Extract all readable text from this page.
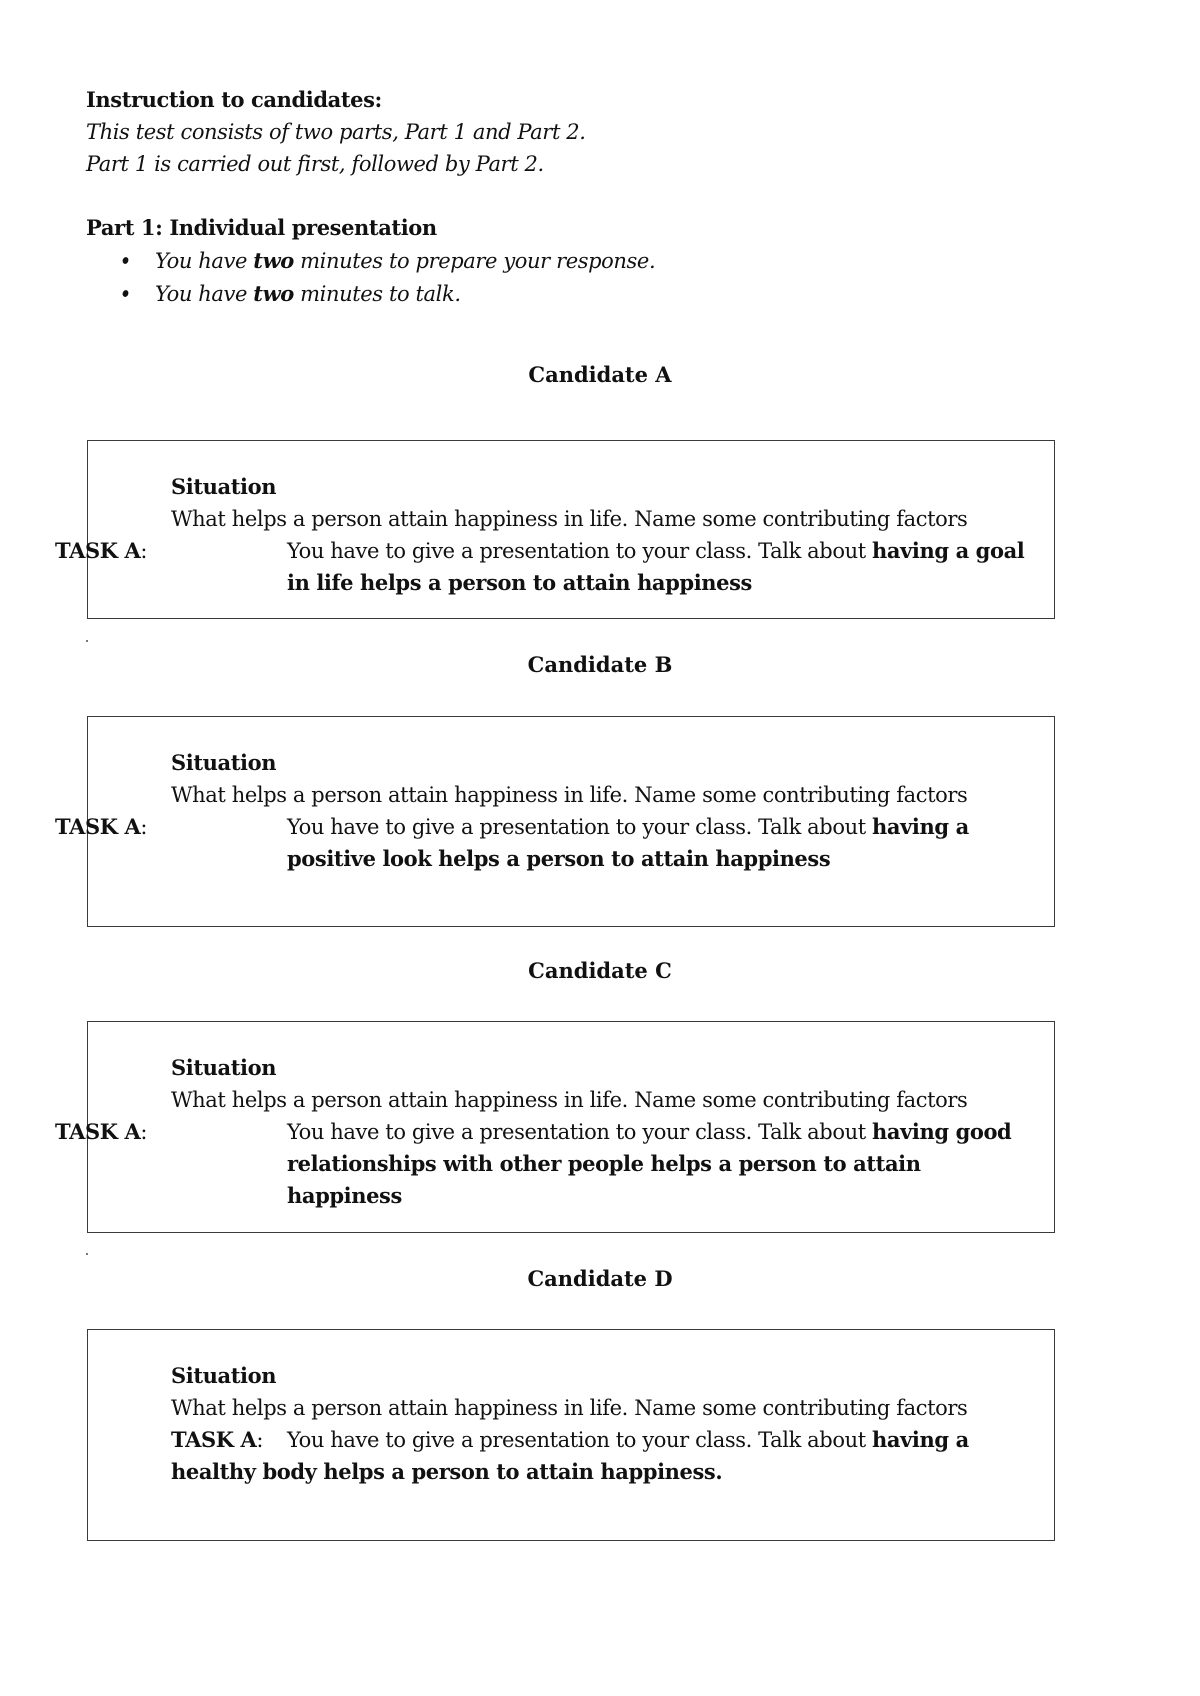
Instruction to candidates:
This test consists of two parts, Part 1 and Part 2.
Part 1 is carried out first, followed by Part 2.
Part 1: Individual presentation
You have two minutes to prepare your response.
You have two minutes to talk.
Candidate A
Situation
What helps a person attain happiness in life. Name some contributing factors
TASK A:	You have to give a presentation to your class. Talk about having a goal in life helps a person to attain happiness
Candidate B
Situation
What helps a person attain happiness in life. Name some contributing factors
TASK A:	You have to give a presentation to your class. Talk about having a positive look helps a person to attain happiness
Candidate C
Situation
What helps a person attain happiness in life. Name some contributing factors
TASK A:	You have to give a presentation to your class. Talk about having good relationships with other people helps a person to attain happiness
Candidate D
Situation
What helps a person attain happiness in life. Name some contributing factors
TASK A: You have to give a presentation to your class. Talk about having a healthy body helps a person to attain happiness.
